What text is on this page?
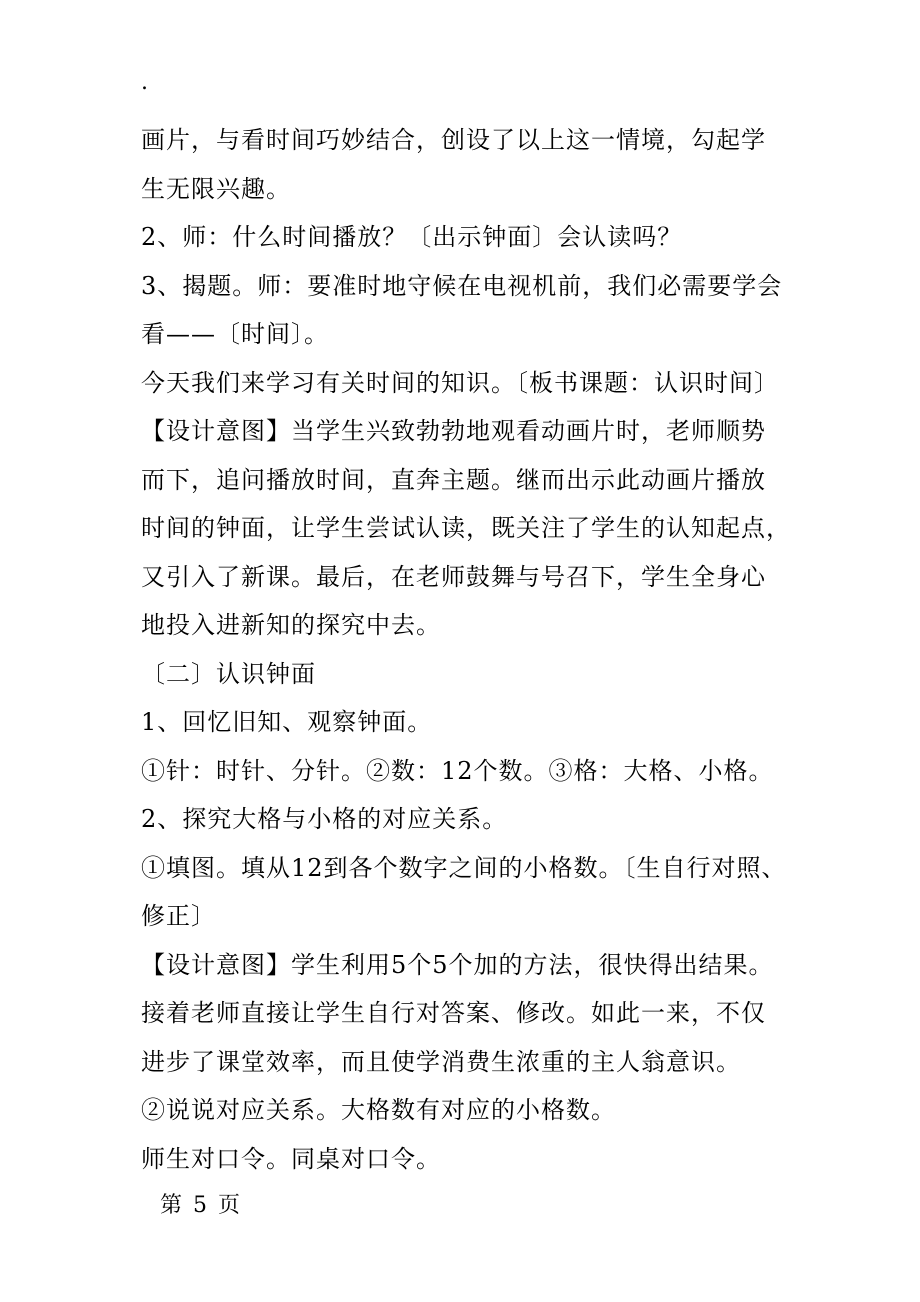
.
画片，与看时间巧妙结合，创设了以上这一情境，勾起学
生无限兴趣。
2、师：什么时间播放？〔出示钟面〕会认读吗？
3、揭题。师：要准时地守候在电视机前，我们必需要学会
看——〔时间〕。
今天我们来学习有关时间的知识。〔板书课题：认识时间〕
【设计意图】当学生兴致勃勃地观看动画片时，老师顺势
而下，追问播放时间，直奔主题。继而出示此动画片播放
时间的钟面，让学生尝试认读，既关注了学生的认知起点，
又引入了新课。最后，在老师鼓舞与号召下，学生全身心
地投入进新知的探究中去。
〔二〕认识钟面
1、回忆旧知、观察钟面。
①针：时针、分针。②数：12个数。③格：大格、小格。
2、探究大格与小格的对应关系。
①填图。填从12到各个数字之间的小格数。〔生自行对照、
修正〕
【设计意图】学生利用5个5个加的方法，很快得出结果。
接着老师直接让学生自行对答案、修改。如此一来，不仅
进步了课堂效率，而且使学消费生浓重的主人翁意识。
②说说对应关系。大格数有对应的小格数。
师生对口令。同桌对口令。
第 5 页
